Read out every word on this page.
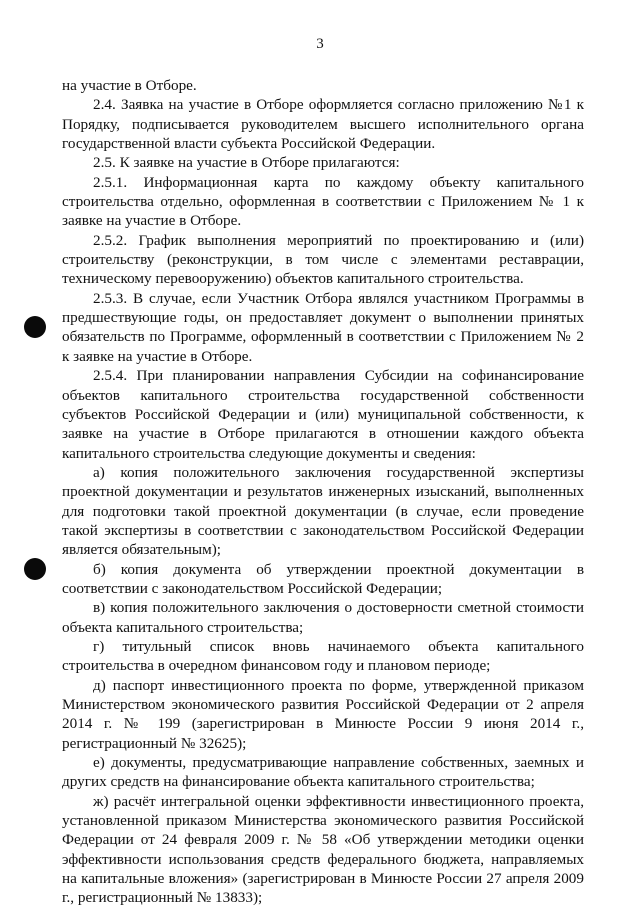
3

на участие в Отборе.

2.4. Заявка на участие в Отборе оформляется согласно приложению №1 к Порядку, подписывается руководителем высшего исполнительного органа государственной власти субъекта Российской Федерации.

2.5. К заявке на участие в Отборе прилагаются:

2.5.1. Информационная карта по каждому объекту капитального строительства отдельно, оформленная в соответствии с Приложением № 1 к заявке на участие в Отборе.

2.5.2. График выполнения мероприятий по проектированию и (или) строительству (реконструкции, в том числе с элементами реставрации, техническому перевооружению) объектов капитального строительства.

2.5.3. В случае, если Участник Отбора являлся участником Программы в предшествующие годы, он предоставляет документ о выполнении принятых обязательств по Программе, оформленный в соответствии с Приложением № 2 к заявке на участие в Отборе.

2.5.4. При планировании направления Субсидии на софинансирование объектов капитального строительства государственной собственности субъектов Российской Федерации и (или) муниципальной собственности, к заявке на участие в Отборе прилагаются в отношении каждого объекта капитального строительства следующие документы и сведения:

а) копия положительного заключения государственной экспертизы проектной документации и результатов инженерных изысканий, выполненных для подготовки такой проектной документации (в случае, если проведение такой экспертизы в соответствии с законодательством Российской Федерации является обязательным);

б) копия документа об утверждении проектной документации в соответствии с законодательством Российской Федерации;

в) копия положительного заключения о достоверности сметной стоимости объекта капитального строительства;

г) титульный список вновь начинаемого объекта капитального строительства в очередном финансовом году и плановом периоде;

д) паспорт инвестиционного проекта по форме, утвержденной приказом Министерством экономического развития Российской Федерации от 2 апреля 2014 г. № 199 (зарегистрирован в Минюсте России 9 июня 2014 г., регистрационный № 32625);

е) документы, предусматривающие направление собственных, заемных и других средств на финансирование объекта капитального строительства;

ж) расчёт интегральной оценки эффективности инвестиционного проекта, установленной приказом Министерства экономического развития Российской Федерации от 24 февраля 2009 г. № 58 «Об утверждении методики оценки эффективности использования средств федерального бюджета, направляемых на капитальные вложения» (зарегистрирован в Минюсте России 27 апреля 2009 г., регистрационный № 13833);
